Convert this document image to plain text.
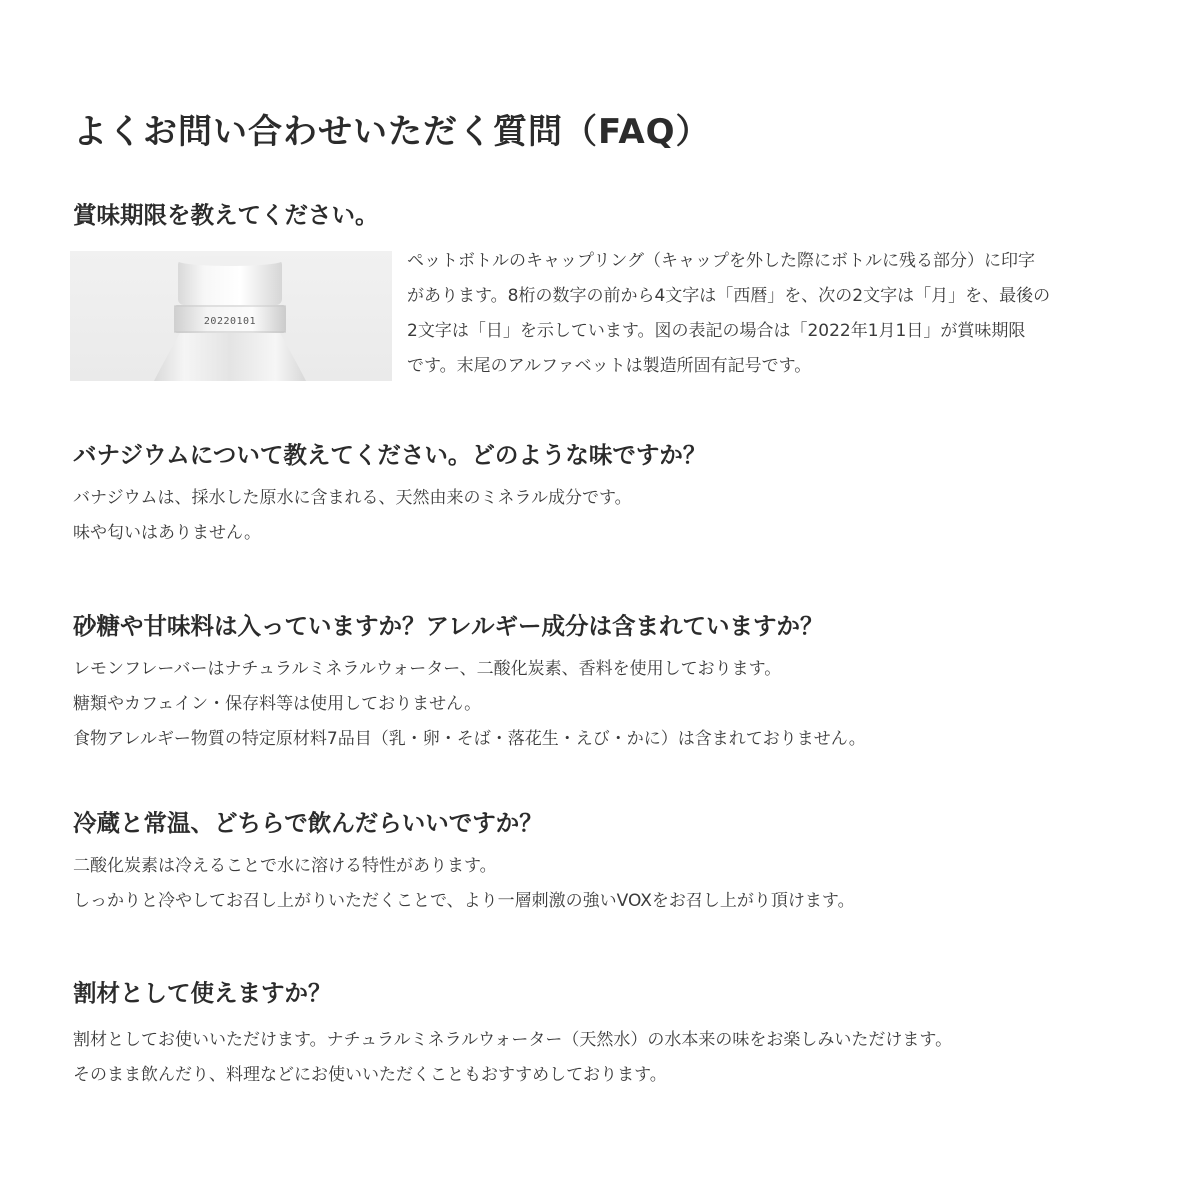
よくお問い合わせいただく質問（FAQ）
賞味期限を教えてください。
20220101

ペットボトルのキャップリング（キャップを外した際にボトルに残る部分）に印字

があります。8桁の数字の前から4文字は「西暦」を、次の2文字は「月」を、最後の

2文字は「日」を示しています。図の表記の場合は「2022年1月1日」が賞味期限

です。末尾のアルファベットは製造所固有記号です。

バナジウムについて教えてください。どのような味ですか？

バナジウムは、採水した原水に含まれる、天然由来のミネラル成分です。

味や匂いはありません。

砂糖や甘味料は入っていますか？アレルギー成分は含まれていますか？

レモンフレーバーはナチュラルミネラルウォーター、二酸化炭素、香料を使用しております。

糖類やカフェイン・保存料等は使用しておりません。

食物アレルギー物質の特定原材料7品目（乳・卵・そば・落花生・えび・かに）は含まれておりません。

冷蔵と常温、どちらで飲んだらいいですか？

二酸化炭素は冷えることで水に溶ける特性があります。

しっかりと冷やしてお召し上がりいただくことで、より一層刺激の強いVOXをお召し上がり頂けます。

割材として使えますか？

割材としてお使いいただけます。ナチュラルミネラルウォーター（天然水）の水本来の味をお楽しみいただけます。

そのまま飲んだり、料理などにお使いいただくこともおすすめしております。
